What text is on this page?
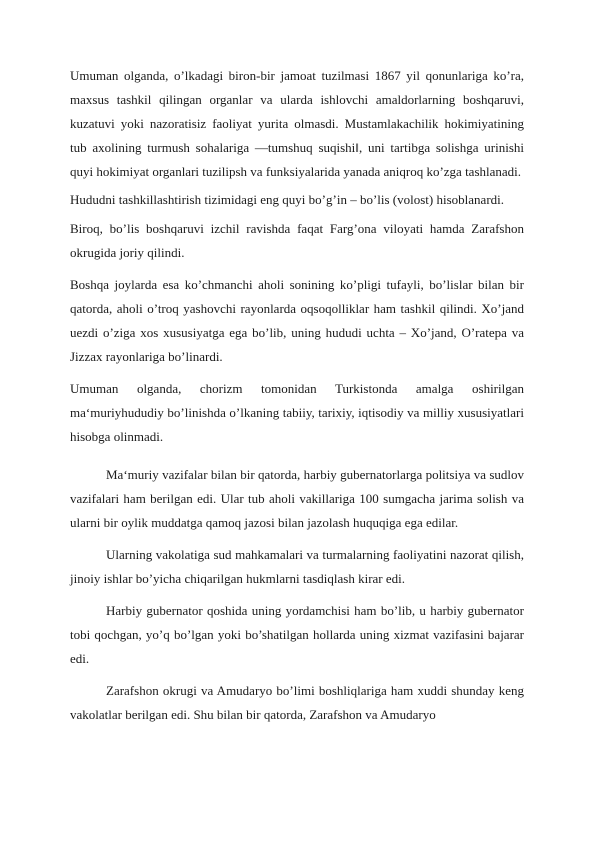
Umuman olganda, o’lkadagi biron-bir jamoat tuzilmasi 1867 yil qonunlariga ko’ra, maxsus tashkil qilingan organlar va ularda ishlovchi amaldorlarning boshqaruvi, kuzatuvi yoki nazoratisiz faoliyat yurita olmasdi. Mustamlakachilik hokimiyatining tub axolining turmush sohalariga ―tumshuq suqishi‖, uni tartibga solishga urinishi quyi hokimiyat organlari tuzilipsh va funksiyalarida yanada aniqroq ko’zga tashlanadi.

Hududni tashkillashtirish tizimidagi eng quyi bo’g’in – bo’lis (volost) hisoblanardi.

Biroq, bo’lis boshqaruvi izchil ravishda faqat Farg’ona viloyati hamda Zarafshon okrugida joriy qilindi.

Boshqa joylarda esa ko’chmanchi aholi sonining ko’pligi tufayli, bo’lislar bilan bir qatorda, aholi o’troq yashovchi rayonlarda oqsoqolliklar ham tashkil qilindi. Xo’jand uezdi o’ziga xos xususiyatga ega bo’lib, uning hududi uchta – Xo’jand, O’ratepa va Jizzax rayonlariga bo’linardi.

Umuman olganda, chorizm tomonidan Turkistonda amalga oshirilgan ma‘muriyhududiy bo’linishda o’lkaning tabiiy, tarixiy, iqtisodiy va milliy xususiyatlari hisobga olinmadi.

Ma‘muriy vazifalar bilan bir qatorda, harbiy gubernatorlarga politsiya va sudlov vazifalari ham berilgan edi. Ular tub aholi vakillariga 100 sumgacha jarima solish va ularni bir oylik muddatga qamoq jazosi bilan jazolash huquqiga ega edilar.

Ularning vakolatiga sud mahkamalari va turmalarning faoliyatini nazorat qilish, jinoiy ishlar bo’yicha chiqarilgan hukmlarni tasdiqlash kirar edi.

Harbiy gubernator qoshida uning yordamchisi ham bo’lib, u harbiy gubernator tobi qochgan, yo’q bo’lgan yoki bo’shatilgan hollarda uning xizmat vazifasini bajarar edi.

Zarafshon okrugi va Amudaryo bo’limi boshliqlariga ham xuddi shunday keng vakolatlar berilgan edi. Shu bilan bir qatorda, Zarafshon va Amudaryo
